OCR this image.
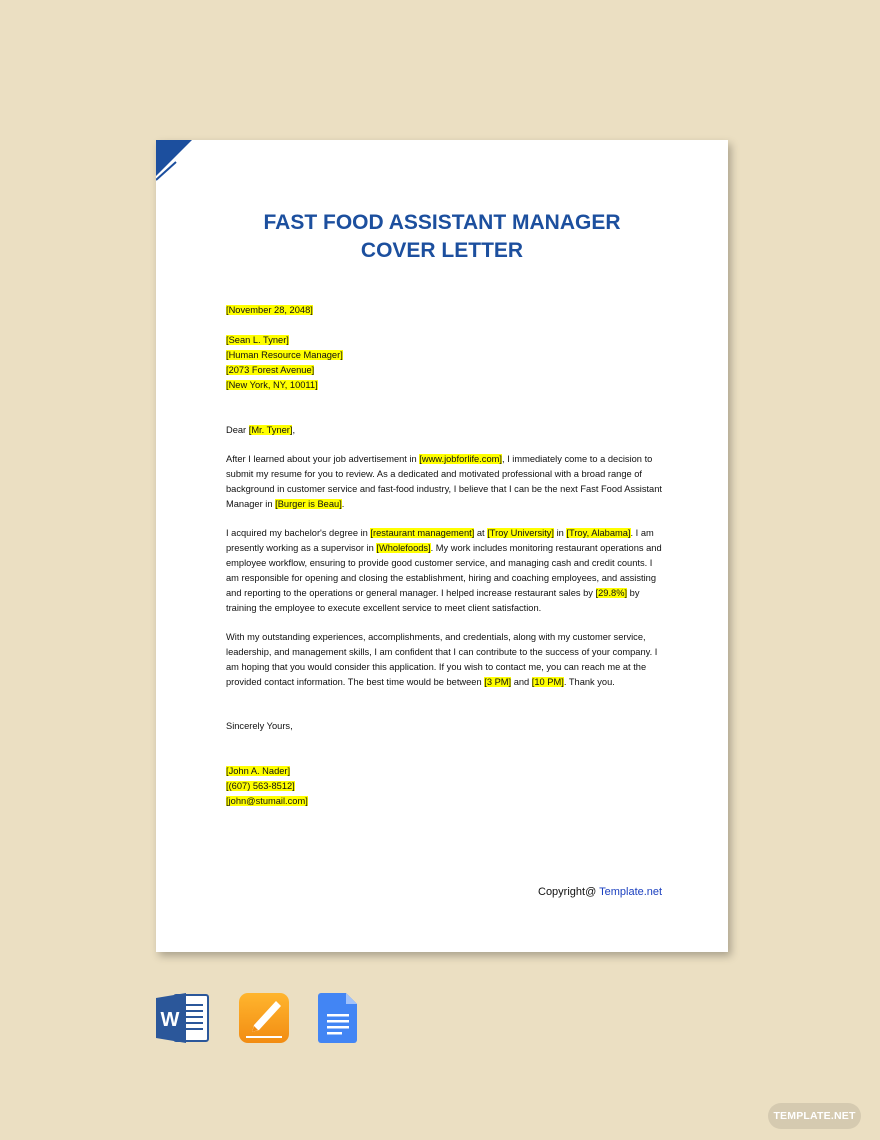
FAST FOOD ASSISTANT MANAGER
COVER LETTER

[November 28, 2048]

[Sean L. Tyner]

[Human Resource Manager]

[2073 Forest Avenue]

[New York, NY, 10011]

Dear [Mr. Tyner],

After I learned about your job advertisement in [www.jobforlife.com], I immediately come to a decision to submit my resume for you to review. As a dedicated and motivated professional with a broad range of background in customer service and fast-food industry, I believe that I can be the next Fast Food Assistant Manager in [Burger is Beau].

I acquired my bachelor's degree in [restaurant management] at [Troy University] in [Troy, Alabama]. I am presently working as a supervisor in [Wholefoods]. My work includes monitoring restaurant operations and employee workflow, ensuring to provide good customer service, and managing cash and credit counts. I am responsible for opening and closing the establishment, hiring and coaching employees, and assisting and reporting to the operations or general manager. I helped increase restaurant sales by [29.8%] by training the employee to execute excellent service to meet client satisfaction.

With my outstanding experiences, accomplishments, and credentials, along with my customer service, leadership, and management skills, I am confident that I can contribute to the success of your company. I am hoping that you would consider this application. If you wish to contact me, you can reach me at the provided contact information. The best time would be between [3 PM] and [10 PM]. Thank you.

Sincerely Yours,

[John A. Nader]

[(607) 563-8512]

[john@stumail.com]

Copyright@ Template.net
W
TEMPLATE.NET
